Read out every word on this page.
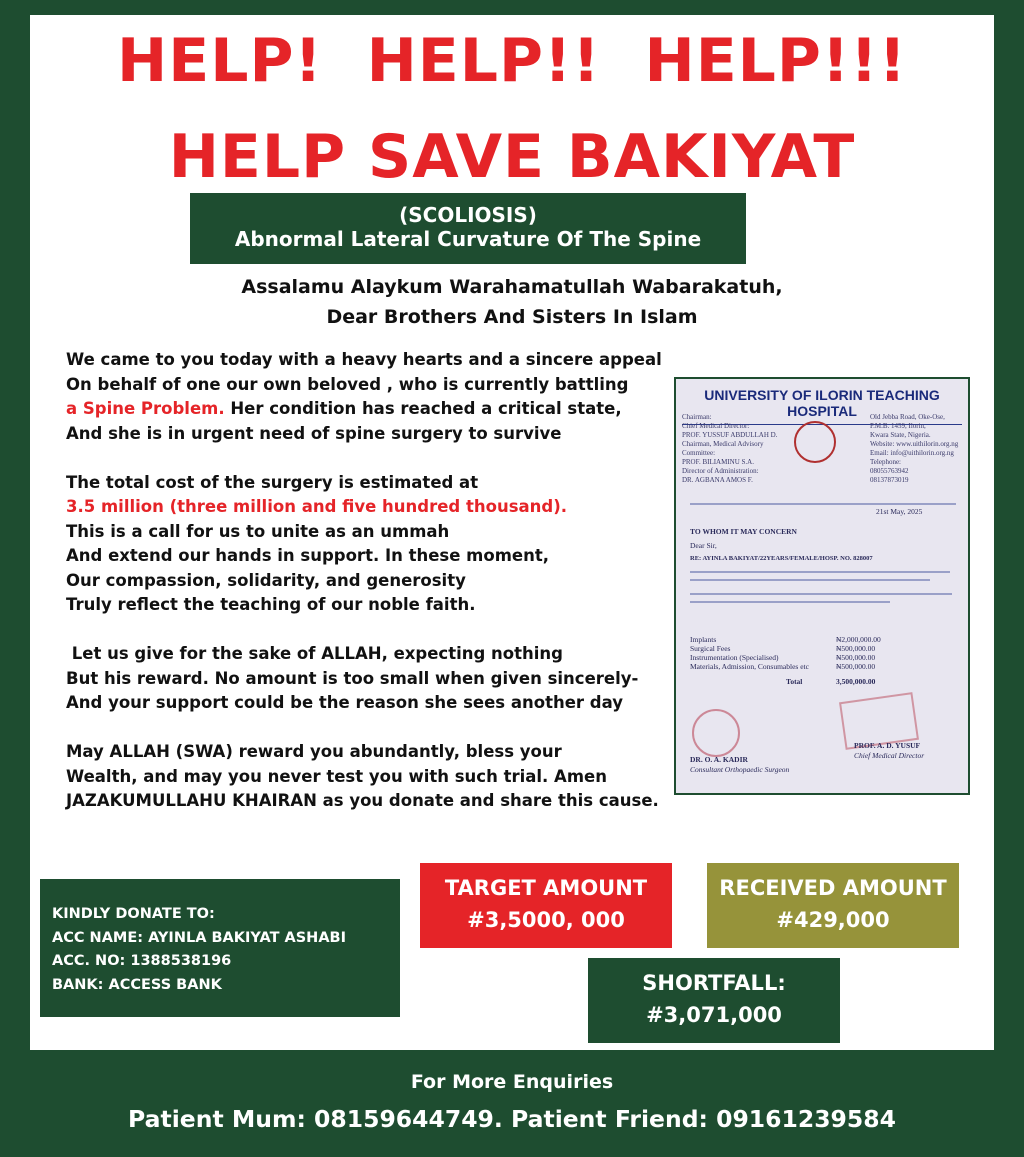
HELP!  HELP!!  HELP!!!
HELP SAVE BAKIYAT
(SCOLIOSIS)
Abnormal Lateral Curvature Of The Spine
Assalamu Alaykum Warahamatullah Wabarakatuh,
Dear Brothers And Sisters In Islam

We came to you today with a heavy hearts and a sincere appeal
On behalf of one our own beloved , who is currently battling
a Spine Problem. Her condition has reached a critical state,
And she is in urgent need of spine surgery to survive

The total cost of the surgery is estimated at
3.5 million (three million and five hundred thousand).
This is a call for us to unite as an ummah
And extend our hands in support. In these moment,
Our compassion, solidarity, and generosity
Truly reflect the teaching of our noble faith.

Let us give for the sake of ALLAH, expecting nothing
But his reward. No amount is too small when given sincerely-
And your support could be the reason she sees another day

May ALLAH (SWA) reward you abundantly, bless your
Wealth, and may you never test you with such trial. Amen
JAZAKUMULLAHU KHAIRAN as you donate and share this cause.

UNIVERSITY OF ILORIN TEACHING HOSPITAL
Chairman:
Chief Medical Director:
PROF. YUSSUF ABDULLAH D.
Chairman, Medical Advisory Committee:
PROF. BILIAMINU S.A.
Director of Administration:
DR. AGBANA AMOS F.
Old Jebba Road, Oke-Ose,
P.M.B. 1459, Ilorin,
Kwara State, Nigeria.
Website: www.uithilorin.org.ng
Email: info@uithilorin.org.ng
Telephone:
08055763942
08137873019
21st May, 2025
TO WHOM IT MAY CONCERN
Dear Sir,
RE: AYINLA BAKIYAT/22YEARS/FEMALE/HOSP. NO. 828007
Implants	₦2,000,000.00
Surgical Fees	₦500,000.00
Instrumentation (Specialised)	₦500,000.00
Materials, Admission, Consumables etc	₦500,000.00
Total	3,500,000.00
DR. O. A. KADIR
Consultant Orthopaedic Surgeon
PROF. A. D. YUSUF
Chief Medical Director
KINDLY DONATE TO:
ACC NAME: AYINLA BAKIYAT ASHABI
ACC. NO: 1388538196
BANK: ACCESS BANK
TARGET AMOUNT
#3,5000, 000
RECEIVED AMOUNT
#429,000
SHORTFALL:
#3,071,000
For More Enquiries
Patient Mum: 08159644749. Patient Friend: 09161239584
